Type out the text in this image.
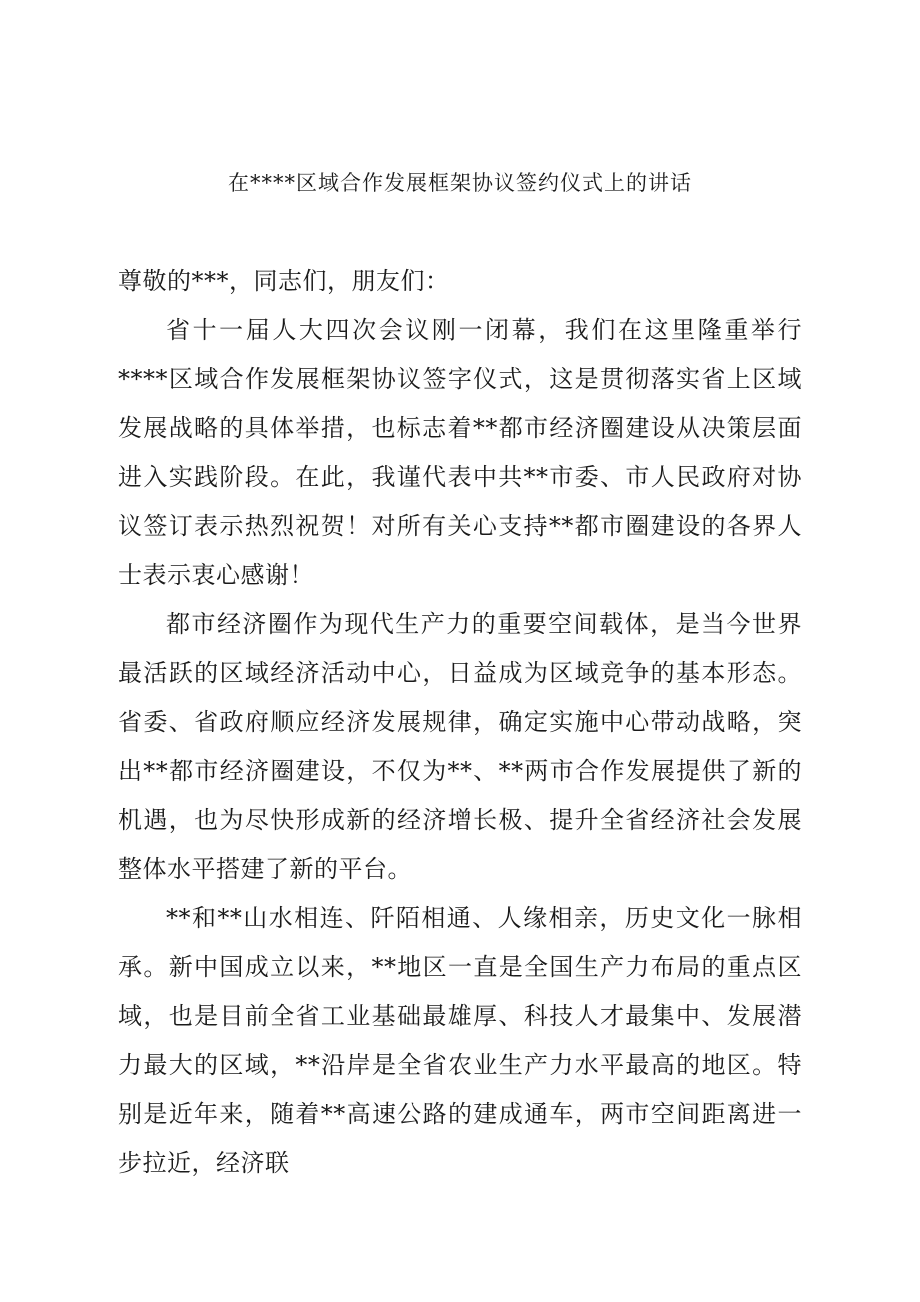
在****区域合作发展框架协议签约仪式上的讲话

尊敬的***，同志们，朋友们：

省十一届人大四次会议刚一闭幕，我们在这里隆重举行****区域合作发展框架协议签字仪式，这是贯彻落实省上区域发展战略的具体举措，也标志着**都市经济圈建设从决策层面进入实践阶段。在此，我谨代表中共**市委、市人民政府对协议签订表示热烈祝贺！对所有关心支持**都市圈建设的各界人士表示衷心感谢！

都市经济圈作为现代生产力的重要空间载体，是当今世界最活跃的区域经济活动中心，日益成为区域竞争的基本形态。省委、省政府顺应经济发展规律，确定实施中心带动战略，突出**都市经济圈建设，不仅为**、**两市合作发展提供了新的机遇，也为尽快形成新的经济增长极、提升全省经济社会发展整体水平搭建了新的平台。

**和**山水相连、阡陌相通、人缘相亲，历史文化一脉相承。新中国成立以来，**地区一直是全国生产力布局的重点区域，也是目前全省工业基础最雄厚、科技人才最集中、发展潜力最大的区域，**沿岸是全省农业生产力水平最高的地区。特别是近年来，随着**高速公路的建成通车，两市空间距离进一步拉近，经济联
